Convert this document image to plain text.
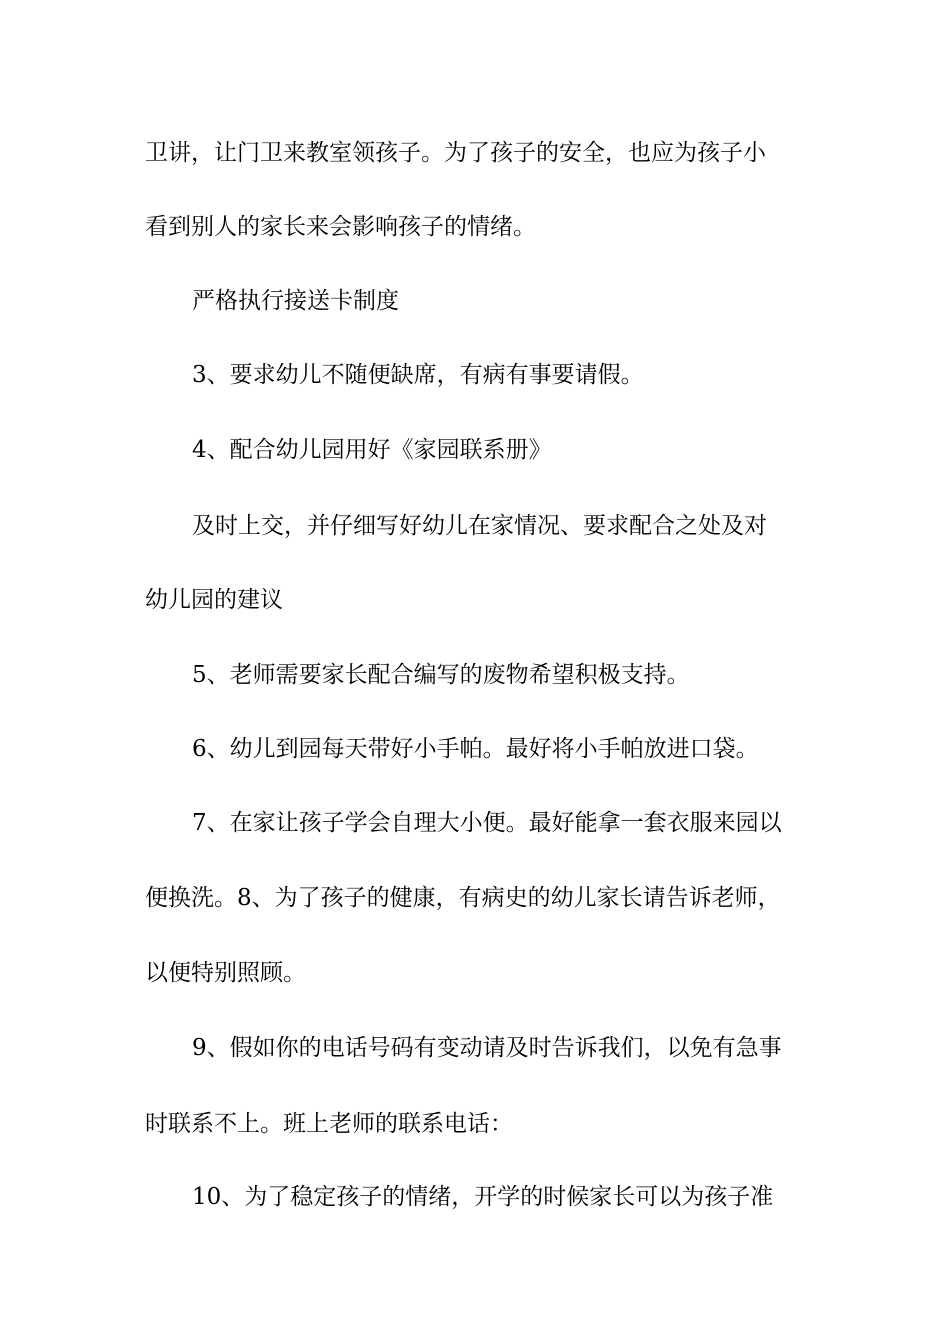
卫讲，让门卫来教室领孩子。为了孩子的安全，也应为孩子小
看到别人的家长来会影响孩子的情绪。
严格执行接送卡制度
3、要求幼儿不随便缺席，有病有事要请假。
4、配合幼儿园用好《家园联系册》
及时上交，并仔细写好幼儿在家情况、要求配合之处及对
幼儿园的建议
5、老师需要家长配合编写的废物希望积极支持。
6、幼儿到园每天带好小手帕。最好将小手帕放进口袋。
7、在家让孩子学会自理大小便。最好能拿一套衣服来园以
便换洗。8、为了孩子的健康，有病史的幼儿家长请告诉老师，
以便特别照顾。
9、假如你的电话号码有变动请及时告诉我们，以免有急事
时联系不上。班上老师的联系电话：
10、为了稳定孩子的情绪，开学的时候家长可以为孩子准
